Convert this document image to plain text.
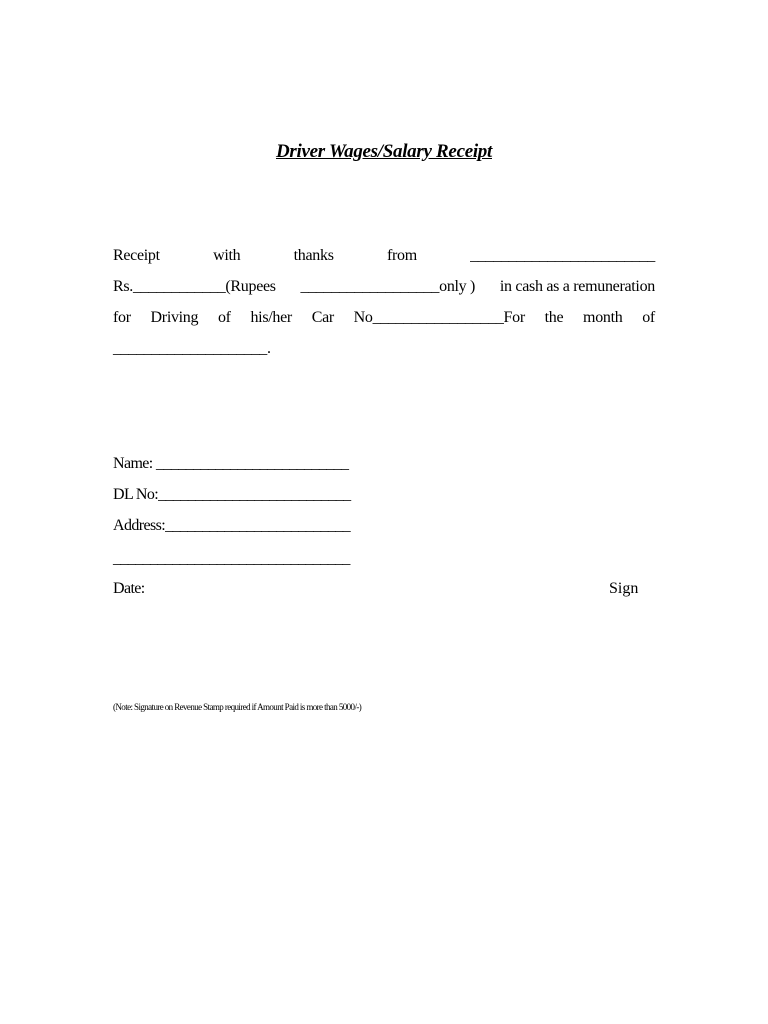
Driver Wages/Salary Receipt
Receipt	with	thanks	from	________________________
Rs.____________(Rupees __________________only ) in cash as a remuneration
for Driving of his/her Car No_________________For the month of
____________________.
Name: __________________________
DL No:__________________________
Address:_________________________
________________________________
Date:	Sign
(Note: Signature on Revenue Stamp required if Amount Paid is more than 5000/-)
